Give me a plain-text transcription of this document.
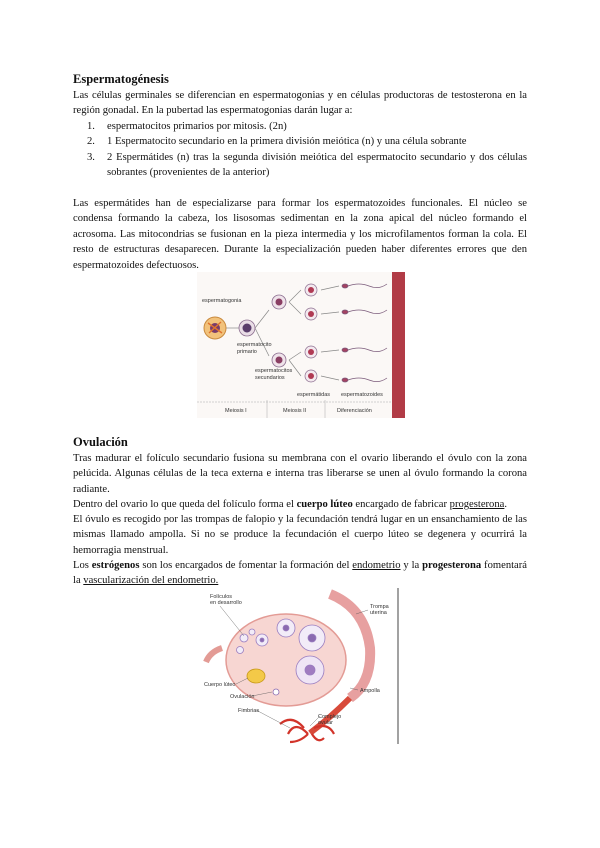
Espermatogénesis

Las células germinales se diferencian en espermatogonias y en células productoras de testosterona en la región gonadal. En la pubertad las espermatogonias darán lugar a:

1. espermatocitos primarios por mitosis. (2n)
2. 1 Espermatocito secundario en la primera división meiótica (n) y una célula sobrante
3. 2 Espermátides (n) tras la segunda división meiótica del espermatocito secundario y dos células sobrantes (provenientes de la anterior)

Las espermátides han de especializarse para formar los espermatozoides funcionales. El núcleo se condensa formando la cabeza, los lisosomas sedimentan en la zona apical del núcleo formando el acrosoma. Las mitocondrias se fusionan en la pieza intermedia y los microfilamentos forman la cola. El resto de estructuras desaparecen. Durante la especialización pueden haber diferentes errores que den espermatozoides defectuosos.

espermatogonia
espermatocito
primario
espermatocitos
secundarios
espermátidas espermatozoides
Meiosis I	Meiosis II	Diferenciación
Ovulación

Tras madurar el folículo secundario fusiona su membrana con el ovario liberando el óvulo con la zona pelúcida. Algunas células de la teca externa e interna tras liberarse se unen al óvulo formando la corona radiante.

Dentro del ovario lo que queda del folículo forma el cuerpo lúteo encargado de fabricar progesterona.

El óvulo es recogido por las trompas de falopio y la fecundación tendrá lugar en un ensanchamiento de las mismas llamado ampolla. Si no se produce la fecundación el cuerpo lúteo se degenera y ocurrirá la hemorragia menstrual.

Los estrógenos son los encargados de fomentar la formación del endometrio y la progesterona fomentará la vascularización del endometrio.

Folículos
en desarrollo
Trompa
uterina
Cuerpo lúteo
Ovulación
Ampolla
Fimbrias
Complejo
ovular
